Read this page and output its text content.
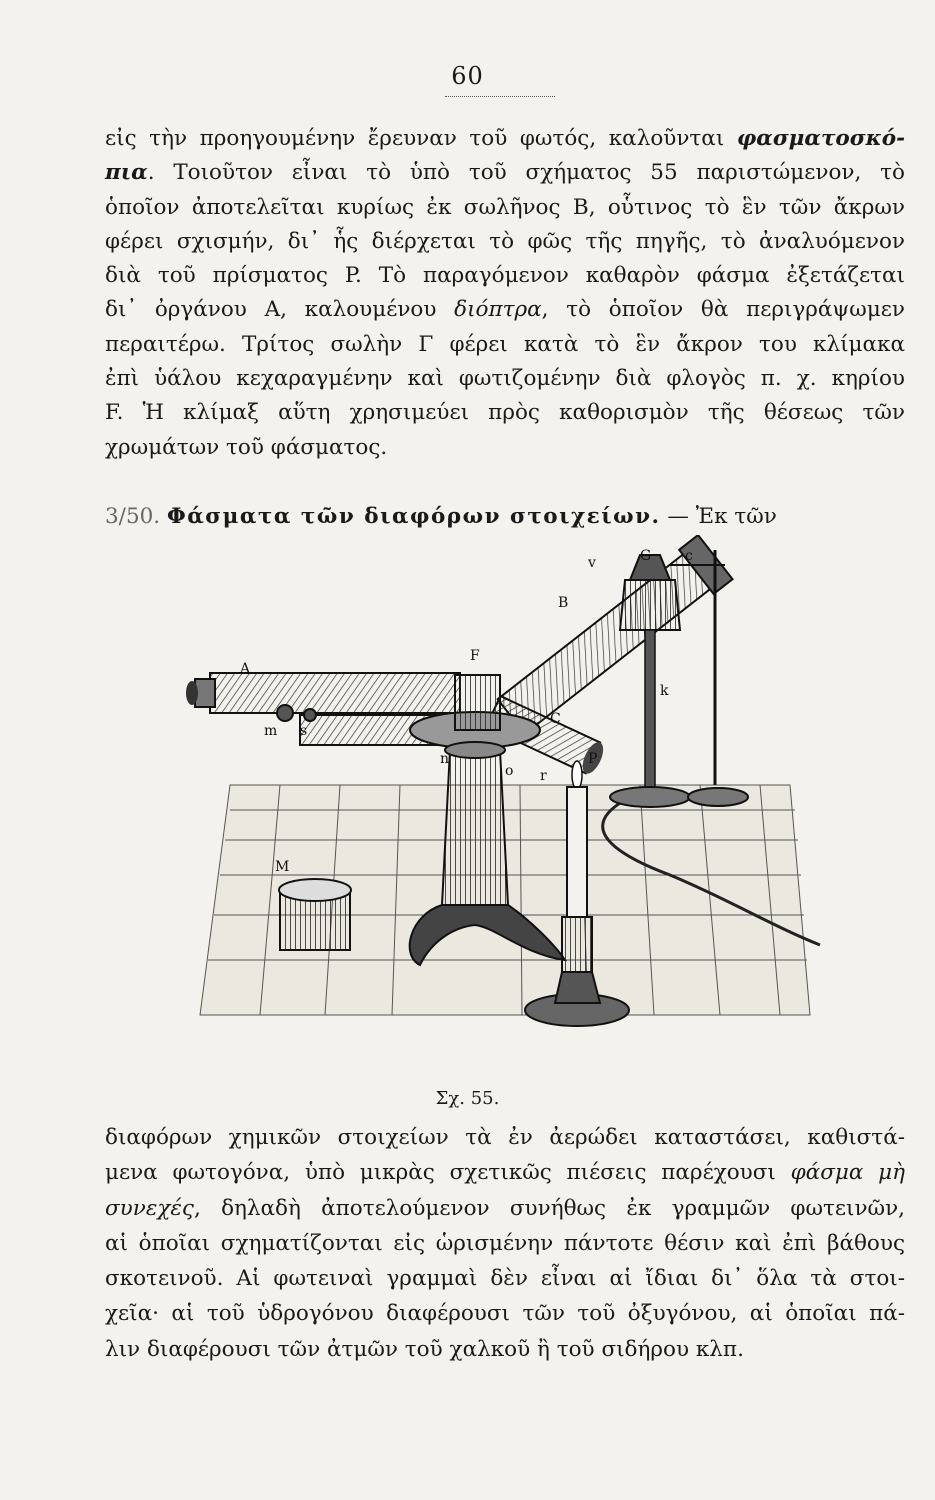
60
εἰς τὴν προηγουμένην ἔρευναν τοῦ φωτός, καλοῦνται φασματοσκό-
πια. Τοιοῦτον εἶναι τὸ ὑπὸ τοῦ σχήματος 55 παριστώμενον, τὸ
ὁποῖον ἀποτελεῖται κυρίως ἐκ σωλῆνος B, οὗτινος τὸ ἓν τῶν ἄκρων
φέρει σχισμήν, δι᾽ ἧς διέρχεται τὸ φῶς τῆς πηγῆς, τὸ ἀναλυόμενον
διὰ τοῦ πρίσματος P. Τὸ παραγόμενον καθαρὸν φάσμα ἐξετάζεται
δι᾽ ὀργάνου A, καλουμένου διόπτρα, τὸ ὁποῖον θὰ περιγράψωμεν
περαιτέρω. Τρίτος σωλὴν Γ φέρει κατὰ τὸ ἓν ἄκρον του κλίμακα
ἐπὶ ὑάλου κεχαραγμένην καὶ φωτιζομένην διὰ φλογὸς π. χ. κηρίου
F. Ἡ κλίμαξ αὕτη χρησιμεύει πρὸς καθορισμὸν τῆς θέσεως τῶν
χρωμάτων τοῦ φάσματος.
3/50. Φάσματα τῶν διαφόρων στοιχείων. — Ἐκ τῶν
A
B
G c
v
F
k
m s
n
o r
C
P
M
Σχ. 55.
διαφόρων χημικῶν στοιχείων τὰ ἐν ἀερώδει καταστάσει, καθιστά-
μενα φωτογόνα, ὑπὸ μικρὰς σχετικῶς πιέσεις παρέχουσι φάσμα μὴ
συνεχές, δηλαδὴ ἀποτελούμενον συνήθως ἐκ γραμμῶν φωτεινῶν,
αἱ ὁποῖαι σχηματίζονται εἰς ὡρισμένην πάντοτε θέσιν καὶ ἐπὶ βάθους
σκοτεινοῦ. Αἱ φωτειναὶ γραμμαὶ δὲν εἶναι αἱ ἴδιαι δι᾽ ὅλα τὰ στοι-
χεῖα· αἱ τοῦ ὑδρογόνου διαφέρουσι τῶν τοῦ ὀξυγόνου, αἱ ὁποῖαι πά-
λιν διαφέρουσι τῶν ἀτμῶν τοῦ χαλκοῦ ἢ τοῦ σιδήρου κλπ.
